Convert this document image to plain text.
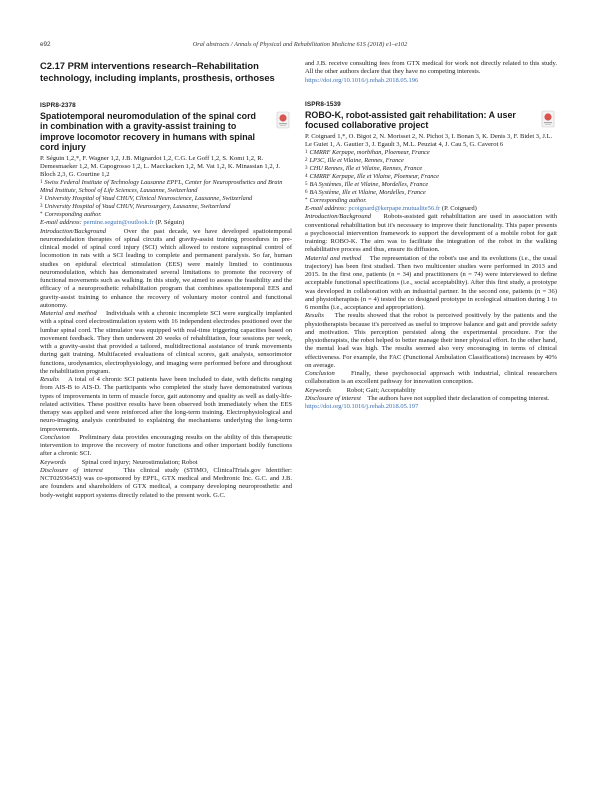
e92	Oral abstracts / Annals of Physical and Rehabilitation Medicine 61S (2018) e1–e102
C2.17 PRM interventions research–Rehabilitation technology, including implants, prosthesis, orthoses
ISPR8-2378
Spatiotemporal neuromodulation of the spinal cord in combination with a gravity-assist training to improve locomotor recovery in humans with spinal cord injury
P. Séguin 1,2,*, F. Wagner 1,2, J.B. Mignardot 1,2, C.G. Le Goff 1,2, S. Komi 1,2, R. Demesmaeker 1,2, M. Capogrosso 1,2, L. Macckacken 1,2, M. Vat 1,2, K. Minassian 1,2, J. Bloch 2,3, G. Courtine 1,2
$^1$ Swiss Federal Institute of Technology Lausanne EPFL, Center for Neuroprosthetics and Brain Mind Institute, School of Life Sciences, Lausanne, Switzerland
$^2$ University Hospital of Vaud CHUV, Clinical Neuroscience, Lausanne, Switzerland
$^3$ University Hospital of Vaud CHUV, Neurosurgery, Lausanne, Switzerland
* Corresponding author.
E-mail address: pernine.seguin@outlook.fr (P. Séguin)
Introduction/Background	Over the past decade, we have developed spatiotemporal neuromodulation therapies of spinal circuits and gravity-assist training procedures in pre-clinical model of spinal cord injury (SCI) which allowed to restore supraspinal control of locomotion in rats with a SCI leading to complete and permanent paralysis. So far, human studies on epidural electrical stimulation (EES) were mainly limited to continuous neuromodulation, which has demonstrated several limitations to promote the recovery of functional movements such as walking. In this study, we aimed to assess the feasibility and the efficacy of a neuroprosthetic rehabilitation program that combines spatiotemporal EES and gravity-assist training to enhance the recovery of voluntary motor control and functional autonomy.
Material and method Individuals with a chronic incomplete SCI were surgically implanted with a spinal cord electrostimulation system with 16 independent electrodes positioned over the lumbar spinal cord. The stimulator was equipped with real-time triggering capacities based on movement feedback. They then underwent 20 weeks of rehabilitation, four sessions per week, with a gravity-assist that provided a tailored, multidirectional assistance of trunk movements during gait training. Multifaceted evaluations of clinical scores, gait analysis, sensorimotor functions, urodynamics, electrophysiology, and imaging were performed before and throughout the rehabilitation program.
Results A total of 4 chronic SCI patients have been included to date, with deficits ranging from AIS-B to AIS-D. The participants who completed the study have demonstrated various types of improvements in term of muscle force, gait autonomy and quality as well as daily-life-related activities. These positive results have been observed both immediately when the EES therapy was applied and were reinforced after the long-term training. Electrophysiological and neuro-imaging analysis contributed to explaining the mechanisms underlying the long-term improvements.
Conclusion Preliminary data provides encouraging results on the ability of this therapeutic intervention to improve the recovery of motor functions and other important bodily functions after a chronic SCI.
Keywords Spinal cord injury; Neurostimulation; Robot
Disclosure of interest	This clinical study (STIMO, ClinicalTrials.gov Identifier: NCT02936453) was co-sponsored by EPFL, GTX medical and Medtronic Inc. G.C. and J.B. are founders and shareholders of GTX medical, a company developing neuroprosthetic and body-weight support systems directly related to the present work. G.C.
and J.B. receive consulting fees from GTX medical for work not directly related to this study. All the other authors declare that they have no competing interests.
https://doi.org/10.1016/j.rehab.2018.05.196
ISPR8-1539
ROBO-K, robot-assisted gait rehabilitation: A user focused collaborative project
P. Coignard 1,*, O. Bigot 2, N. Morisset 2, N. Pichot 3, I. Bonan 3, K. Denis 3, F. Bidet 3, J.L. Le Guiet 1, A. Gautier 3, J. Egault 3, M.L. Peuziat 4, J. Cau 5, G. Caverot 6
$^1$ CMRRF Kerpape, morbihan, Ploemeur, France
$^2$ LP3C, Ille et Vilaine, Rennes, France
$^3$ CHU Rennes, Ille et Vilaine, Rennes, France
$^4$ CMRRF Kerpape, Ille et Vilaine, Ploemeur, France
$^5$ BA Systèmes, Ille et Vilaine, Mordelles, France
$^6$ BA Système, Ille et Vilaine, Mordelles, France
* Corresponding author.
E-mail address: pcoignard@kerpape.mutualite56.fr (P. Coignard)
Introduction/Background Robots-assisted gait rehabilitation are used in association with conventional rehabilitation but it's necessary to improve their functionality. This paper presents a psychosocial intervention framework to support the development of a mobile robot for gait training: ROBO-K. The aim was to facilitate the integration of the robot in the walking rehabilitative process and thus, ensure its diffusion.
Material and method The representation of the robot's use and its evolutions (i.e., the usual trajectory) has been first studied. Then two multicenter studies were performed in 2013 and 2015. In the first one, patients (n = 34) and practitioners (n = 74) were interviewed to define acceptable functional specifications (i.e., social acceptability). After this first study, a prototype was developed in collaboration with an industrial partner. In the second one, patients (n = 36) and physiotherapists (n = 4) tested the co designed prototype in ecological situation during 1 to 6 months (i.e., acceptance and appropriation).
Results The results showed that the robot is perceived positively by the patients and the physiotherapists because it's perceived as useful to improve balance and gait and provide safety and motivation. This perception persisted along the experimental procedure. For the physiotherapists, the robot helped to better manage their inner physical effort. In the other hand, the mental load was high. The results seemed also very encouraging in terms of clinical effectiveness. For example, the FAC (Functional Ambulation Classifications) increases by 40% on average.
Conclusion Finally, these psychosocial approach with industrial, clinical researchers collaboration is an excellent pathway for innovation conception.
Keywords Robot; Gait; Acceptability
Disclosure of interest The authors have not supplied their declaration of competing interest.
https://doi.org/10.1016/j.rehab.2018.05.197
